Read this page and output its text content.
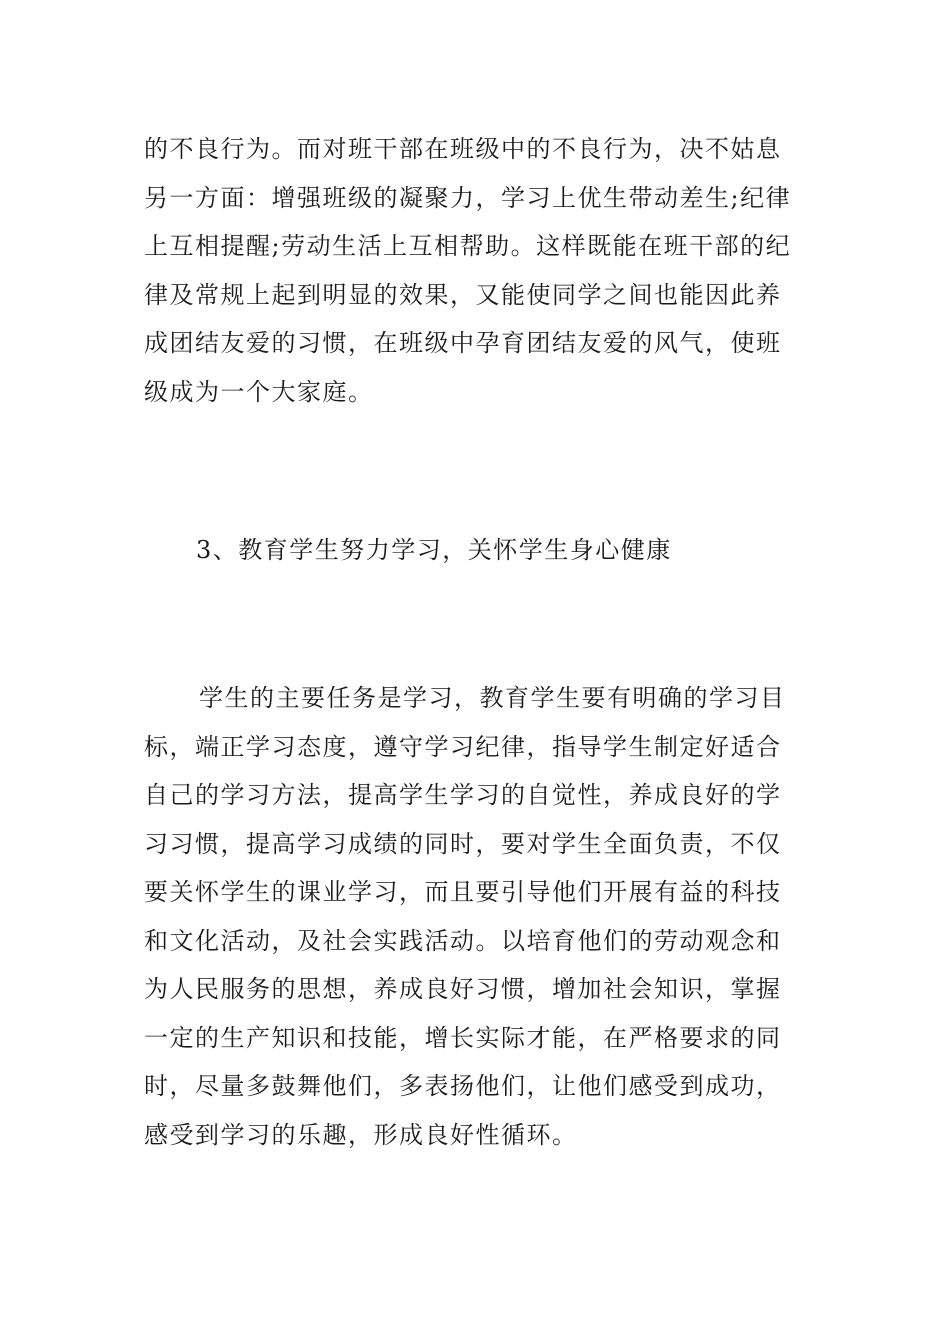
的不良行为。而对班干部在班级中的不良行为，决不姑息
另一方面：增强班级的凝聚力，学习上优生带动差生;纪律
上互相提醒;劳动生活上互相帮助。这样既能在班干部的纪
律及常规上起到明显的效果，又能使同学之间也能因此养
成团结友爱的习惯，在班级中孕育团结友爱的风气，使班
级成为一个大家庭。
3、教育学生努力学习，关怀学生身心健康
学生的主要任务是学习，教育学生要有明确的学习目
标，端正学习态度，遵守学习纪律，指导学生制定好适合
自己的学习方法，提高学生学习的自觉性，养成良好的学
习习惯，提高学习成绩的同时，要对学生全面负责，不仅
要关怀学生的课业学习，而且要引导他们开展有益的科技
和文化活动，及社会实践活动。以培育他们的劳动观念和
为人民服务的思想，养成良好习惯，增加社会知识，掌握
一定的生产知识和技能，增长实际才能，在严格要求的同
时，尽量多鼓舞他们，多表扬他们，让他们感受到成功，
感受到学习的乐趣，形成良好性循环。
